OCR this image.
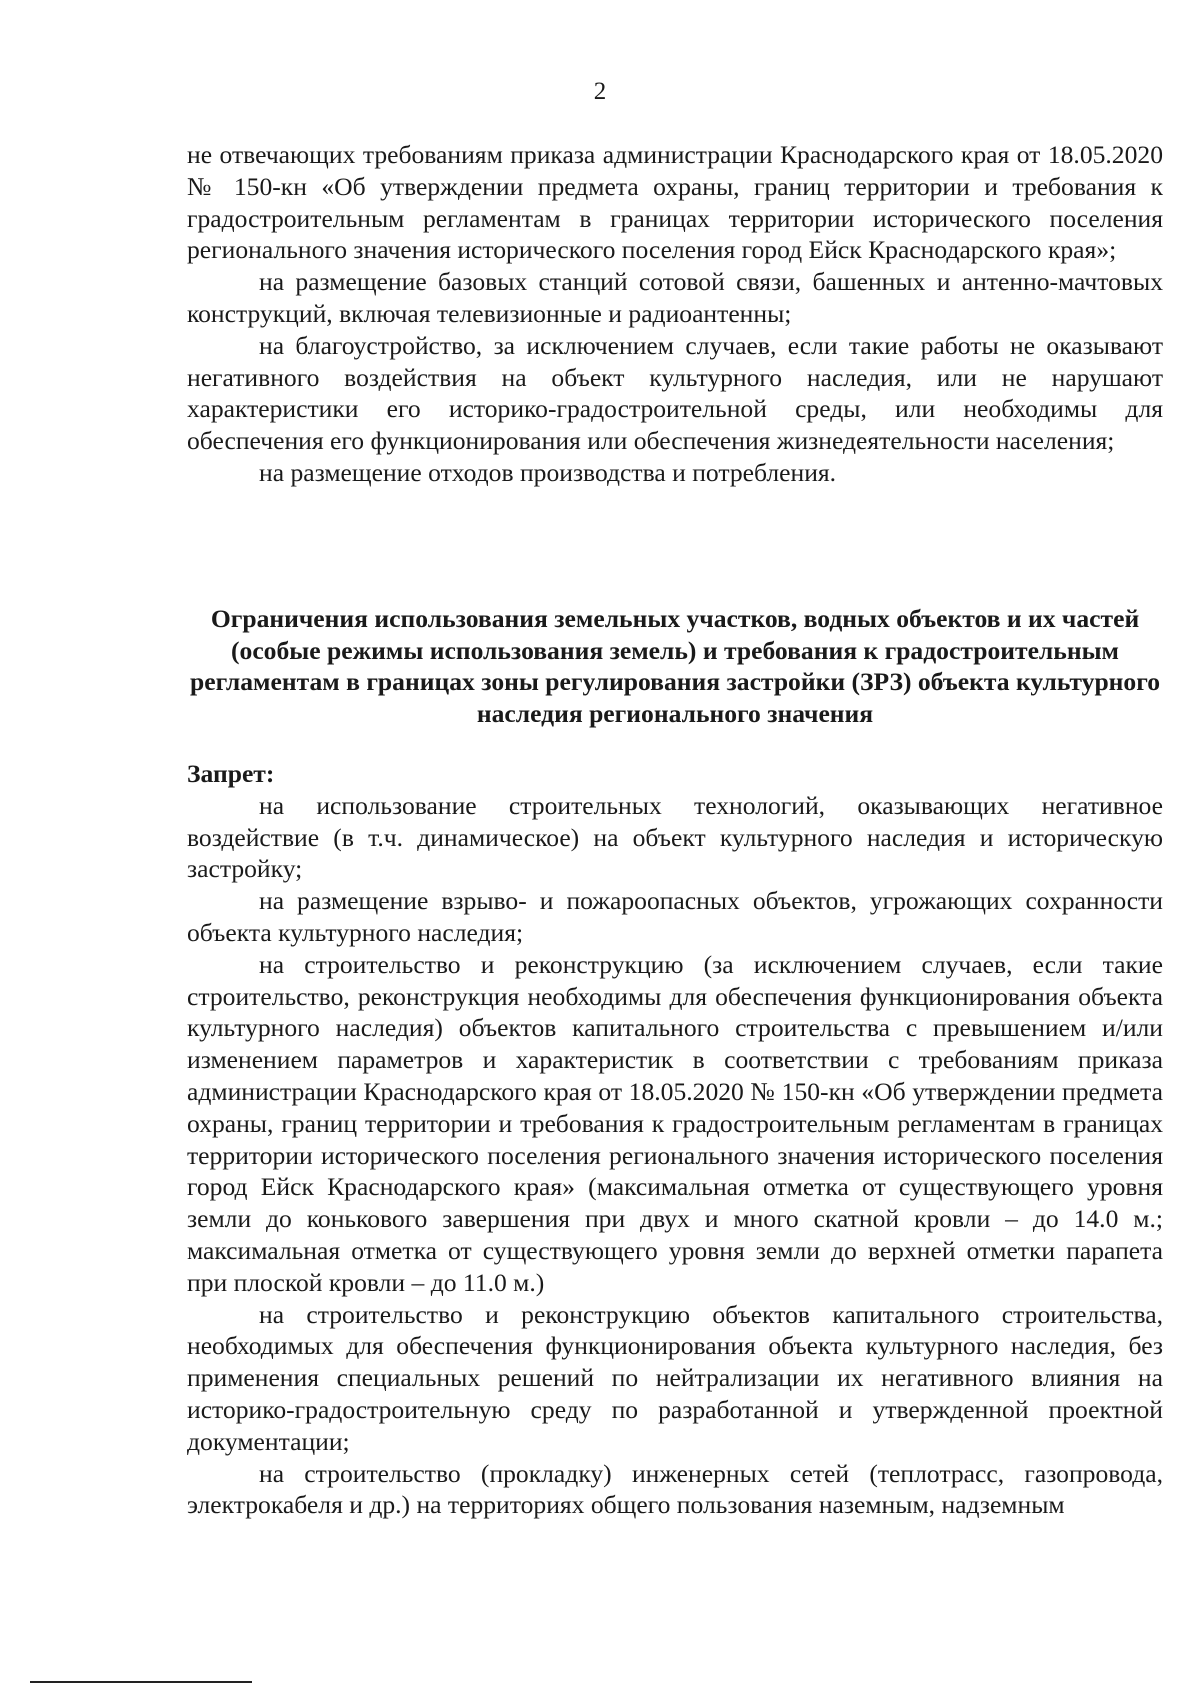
2

не отвечающих требованиям приказа администрации Краснодарского края от 18.05.2020 № 150-кн «Об утверждении предмета охраны, границ территории и требования к градостроительным регламентам в границах территории исторического поселения регионального значения исторического поселения город Ейск Краснодарского края»;

на размещение базовых станций сотовой связи, башенных и антенно-мачтовых конструкций, включая телевизионные и радиоантенны;

на благоустройство, за исключением случаев, если такие работы не оказывают негативного воздействия на объект культурного наследия, или не нарушают характеристики его историко-градостроительной среды, или необходимы для обеспечения его функционирования или обеспечения жизнедеятельности населения;

на размещение отходов производства и потребления.

Ограничения использования земельных участков, водных объектов и их частей (особые режимы использования земель) и требования к градостроительным регламентам в границах зоны регулирования застройки (ЗРЗ) объекта культурного наследия регионального значения
Запрет:

на использование строительных технологий, оказывающих негативное воздействие (в т.ч. динамическое) на объект культурного наследия и историческую застройку;

на размещение взрыво- и пожароопасных объектов, угрожающих сохранности объекта культурного наследия;

на строительство и реконструкцию (за исключением случаев, если такие строительство, реконструкция необходимы для обеспечения функционирования объекта культурного наследия) объектов капитального строительства с превышением и/или изменением параметров и характеристик в соответствии с требованиям приказа администрации Краснодарского края от 18.05.2020 № 150-кн «Об утверждении предмета охраны, границ территории и требования к градостроительным регламентам в границах территории исторического поселения регионального значения исторического поселения город Ейск Краснодарского края» (максимальная отметка от существующего уровня земли до конькового завершения при двух и много скатной кровли – до 14.0 м.; максимальная отметка от существующего уровня земли до верхней отметки парапета при плоской кровли – до 11.0 м.)

на строительство и реконструкцию объектов капитального строительства, необходимых для обеспечения функционирования объекта культурного наследия, без применения специальных решений по нейтрализации их негативного влияния на историко-градостроительную среду по разработанной и утвержденной проектной документации;

на строительство (прокладку) инженерных сетей (теплотрасс, газопровода, электрокабеля и др.) на территориях общего пользования наземным, надземным
